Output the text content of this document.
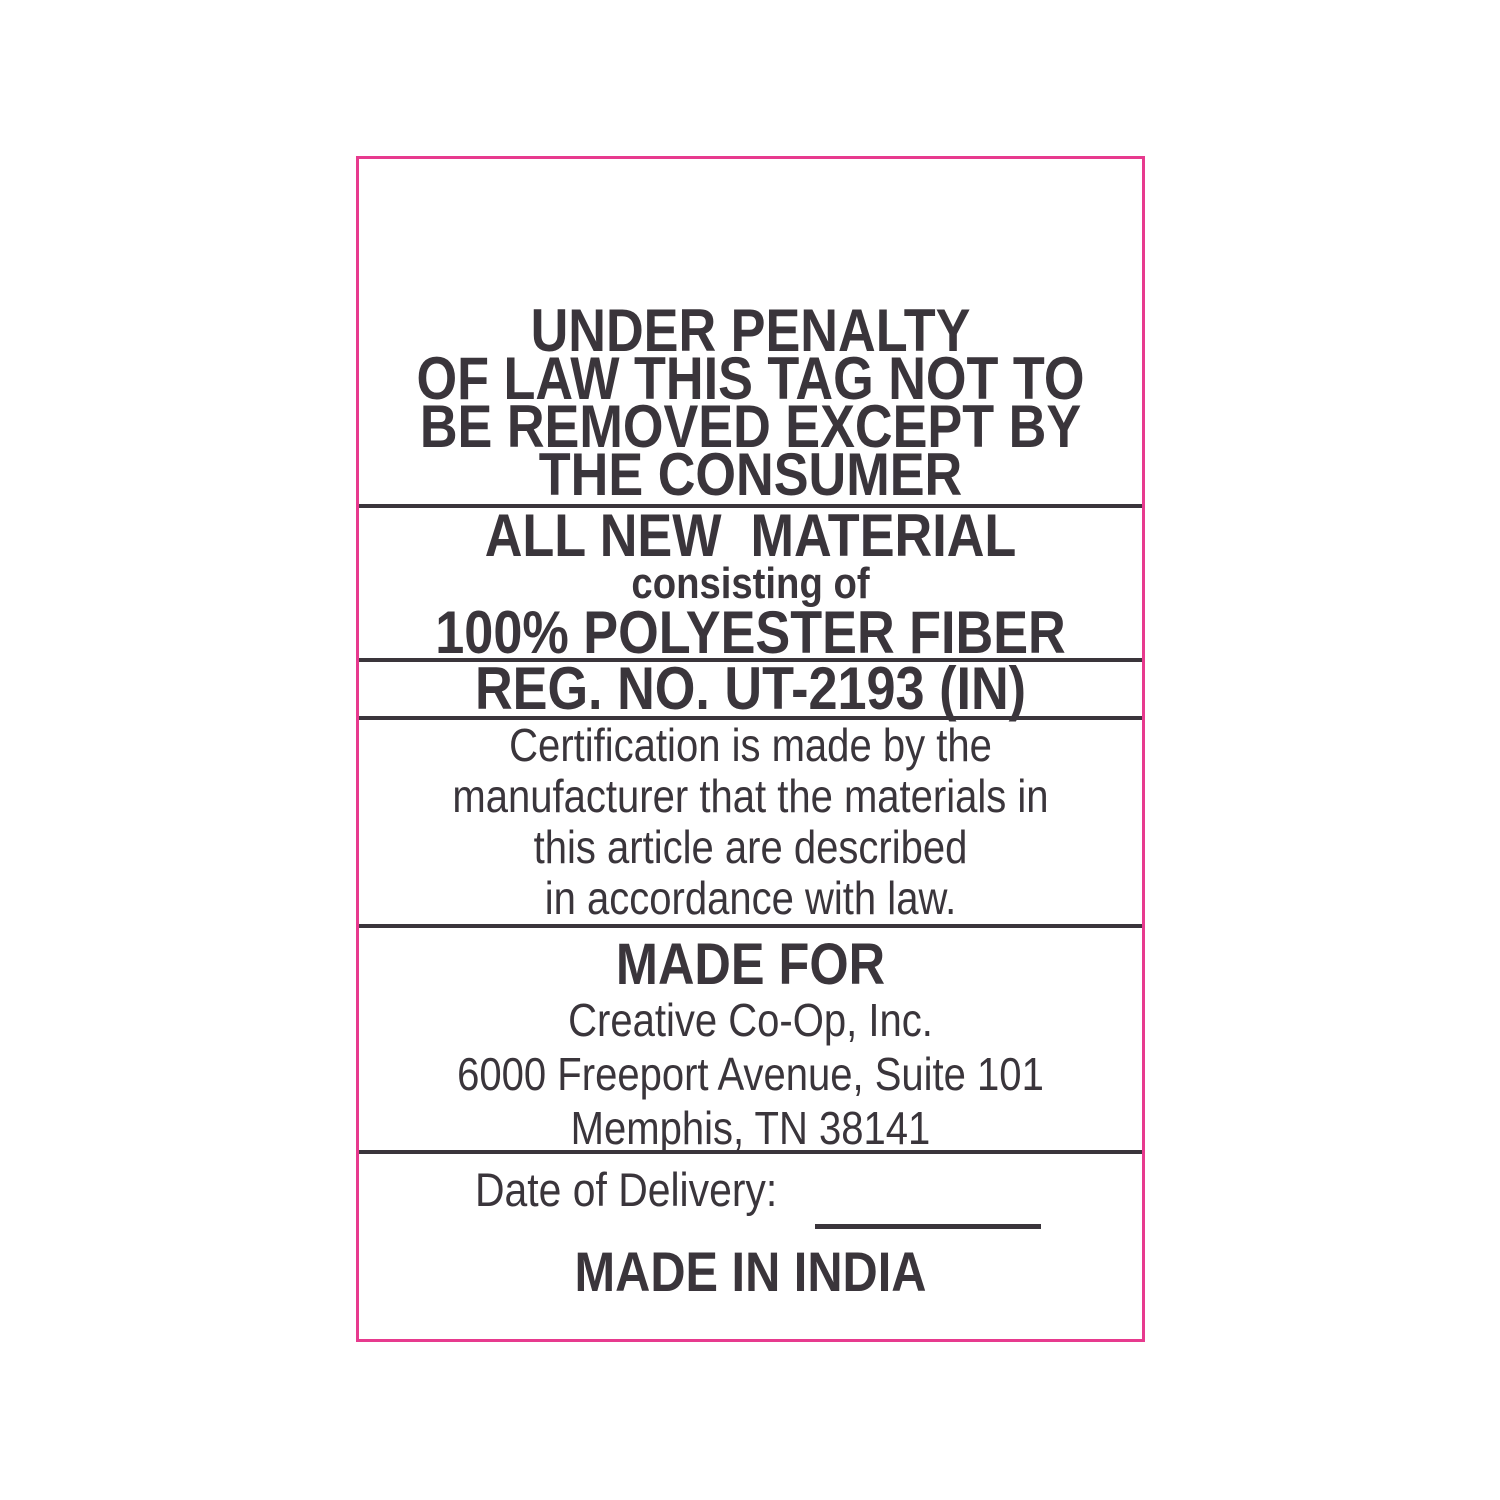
UNDER PENALTY
OF LAW THIS TAG NOT TO
BE REMOVED EXCEPT BY
THE CONSUMER
ALL NEW  MATERIAL
consisting of
100% POLYESTER FIBER
REG. NO. UT-2193 (IN)
Certification is made by the
manufacturer that the materials in
this article are described
in accordance with law.
MADE FOR
Creative Co-Op, Inc.
6000 Freeport Avenue, Suite 101
Memphis, TN 38141
Date of Delivery:
MADE IN INDIA
